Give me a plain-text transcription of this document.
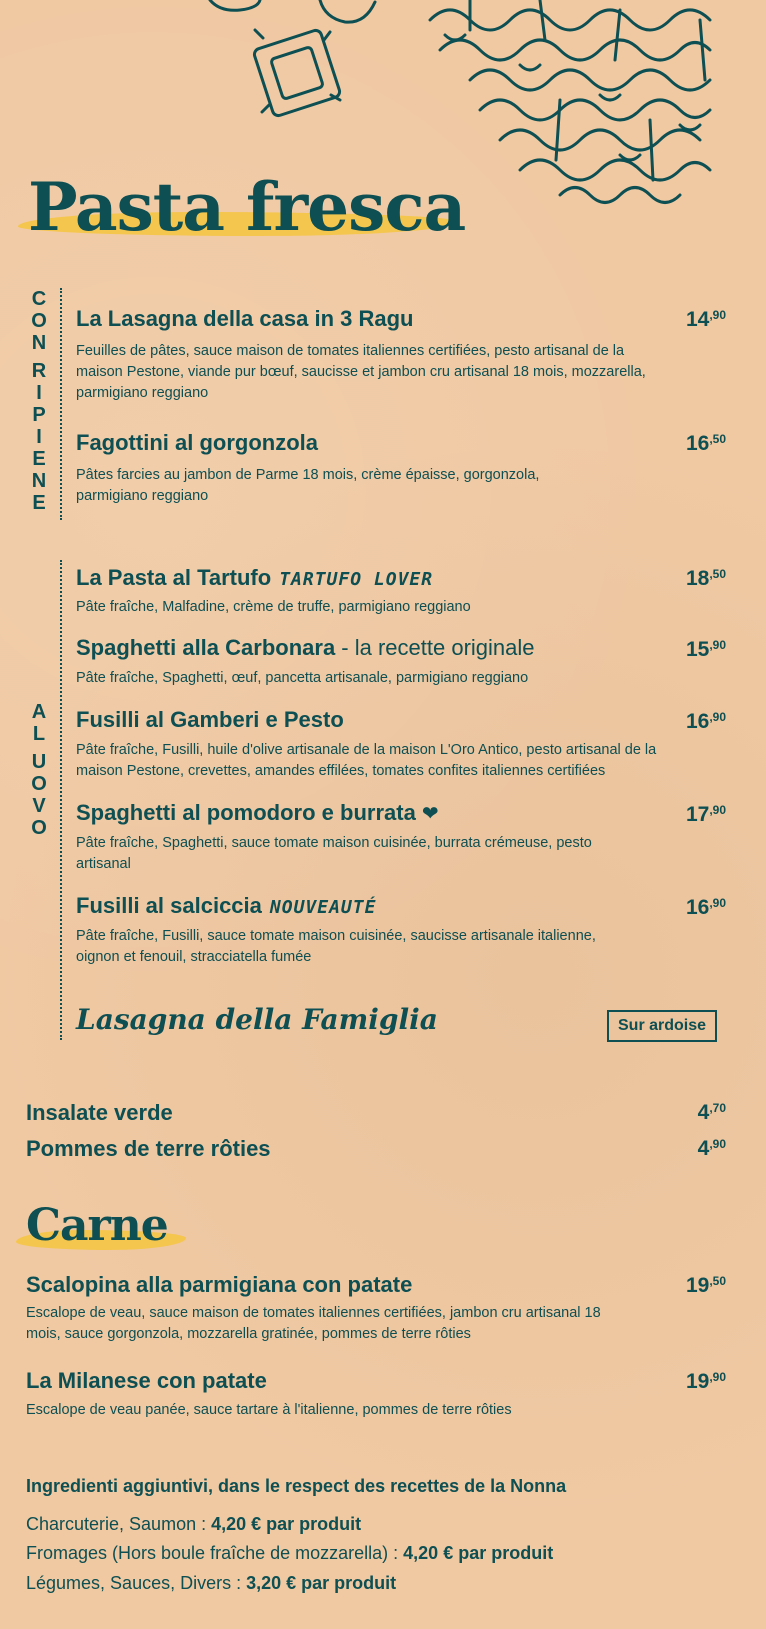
Pasta fresca
C
O
N

R
I
P
I
E
N
E
La Lasagna della casa in 3 Ragu	$14^{,90}$
Feuilles de pâtes, sauce maison de tomates italiennes certifiées, pesto artisanal de la maison Pestone, viande pur bœuf, saucisse et jambon cru artisanal 18 mois, mozzarella, parmigiano reggiano
Fagottini al gorgonzola	$16^{,50}$
Pâtes farcies au jambon de Parme 18 mois, crème épaisse, gorgonzola, parmigiano reggiano
A
L

U
O
V
O
La Pasta al Tartufo TARTUFO LOVER	$18^{,50}$
Pâte fraîche, Malfadine, crème de truffe, parmigiano reggiano
Spaghetti alla Carbonara - la recette originale	$15^{,90}$
Pâte fraîche, Spaghetti, œuf, pancetta artisanale, parmigiano reggiano
Fusilli al Gamberi e Pesto	$16^{,90}$
Pâte fraîche, Fusilli, huile d'olive artisanale de la maison L'Oro Antico, pesto artisanal de la maison Pestone, crevettes, amandes effilées, tomates confites italiennes certifiées
Spaghetti al pomodoro e burrata ❤	$17^{,90}$
Pâte fraîche, Spaghetti, sauce tomate maison cuisinée, burrata crémeuse, pesto artisanal
Fusilli al salciccia NOUVEAUTÉ	$16^{,90}$
Pâte fraîche, Fusilli, sauce tomate maison cuisinée, saucisse artisanale italienne, oignon et fenouil, stracciatella fumée
Lasagna della Famiglia	Sur ardoise
Insalate verde	$4^{,70}$
Pommes de terre rôties	$4^{,90}$
Carne
Scalopina alla parmigiana con patate	$19^{,50}$
Escalope de veau, sauce maison de tomates italiennes certifiées, jambon cru artisanal 18 mois, sauce gorgonzola, mozzarella gratinée, pommes de terre rôties
La Milanese con patate	$19^{,90}$
Escalope de veau panée, sauce tartare à l'italienne, pommes de terre rôties
Ingredienti aggiuntivi, dans le respect des recettes de la Nonna
Charcuterie, Saumon : 4,20 € par produit
Fromages (Hors boule fraîche de mozzarella) : 4,20 € par produit
Légumes, Sauces, Divers : 3,20 € par produit
